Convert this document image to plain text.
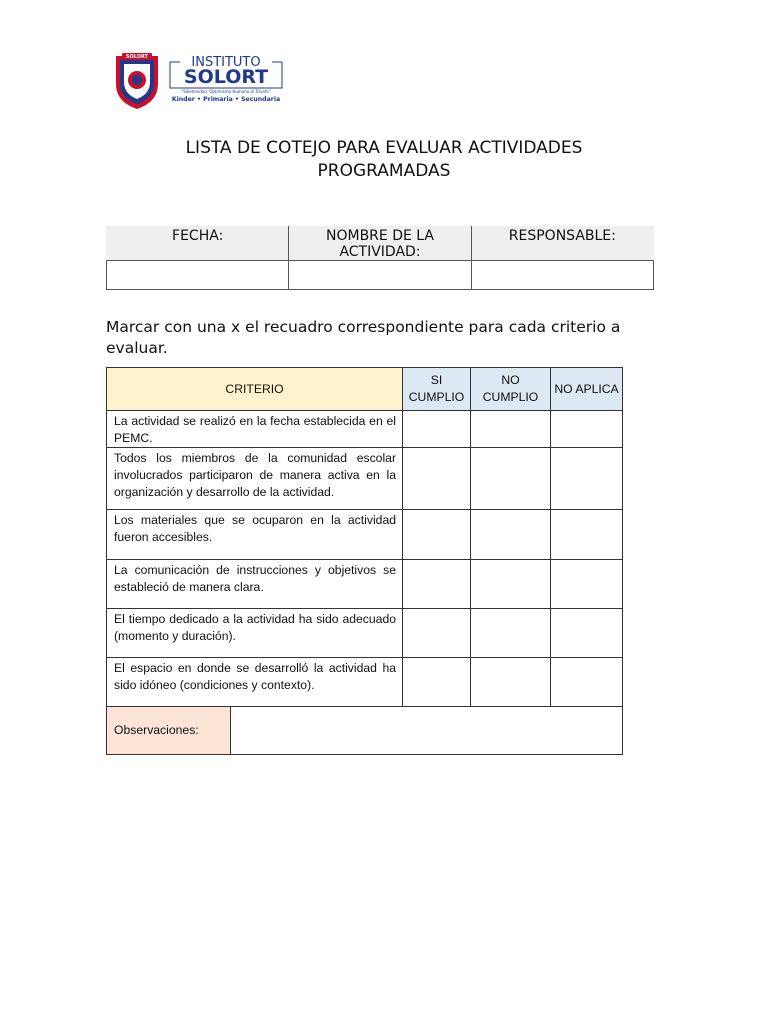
SOLORT	INSTITUTO
SOLORT
"Solemnidad, Optimismo Humano al Triunfo"
Kinder • Primaria • Secundaria
LISTA DE COTEJO PARA EVALUAR ACTIVIDADES
PROGRAMADAS
FECHA:	NOMBRE DE LA ACTIVIDAD:	RESPONSABLE:

Marcar con una x el recuadro correspondiente para cada criterio a evaluar.
CRITERIO		SI CUMPLIO	NO CUMPLIO	NO APLICA
La actividad se realizó en la fecha establecida en el PEMC.				
Todos los miembros de la comunidad escolar involucrados participaron de manera activa en la organización y desarrollo de la actividad.				
Los materiales que se ocuparon en la actividad fueron accesibles.				
La comunicación de instrucciones y objetivos se estableció de manera clara.				
El tiempo dedicado a la actividad ha sido adecuado (momento y duración).				
El espacio en donde se desarrolló la actividad ha sido idóneo (condiciones y contexto).				
Observaciones:				
